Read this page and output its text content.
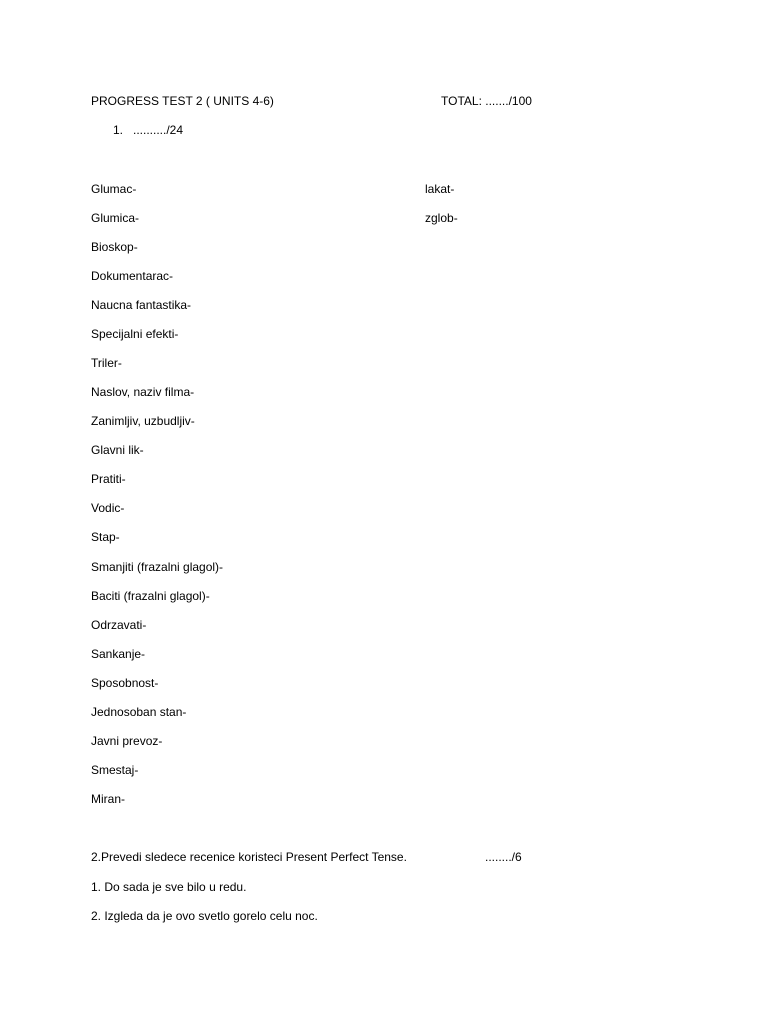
PROGRESS TEST 2 ( UNITS 4-6)	TOTAL: ......./100
1. ........../24
Glumac-
Glumica-
Bioskop-
Dokumentarac-
Naucna fantastika-
Specijalni efekti-
Triler-
Naslov, naziv filma-
Zanimljiv, uzbudljiv-
Glavni lik-
Pratiti-
Vodic-
Stap-
Smanjiti (frazalni glagol)-
Baciti (frazalni glagol)-
Odrzavati-
Sankanje-
Sposobnost-
Jednosoban stan-
Javni prevoz-
Smestaj-
Miran-
lakat-
zglob-
2.Prevedi sledece recenice koristeci Present Perfect Tense.	......../6
1. Do sada je sve bilo u redu.
2. Izgleda da je ovo svetlo gorelo celu noc.
